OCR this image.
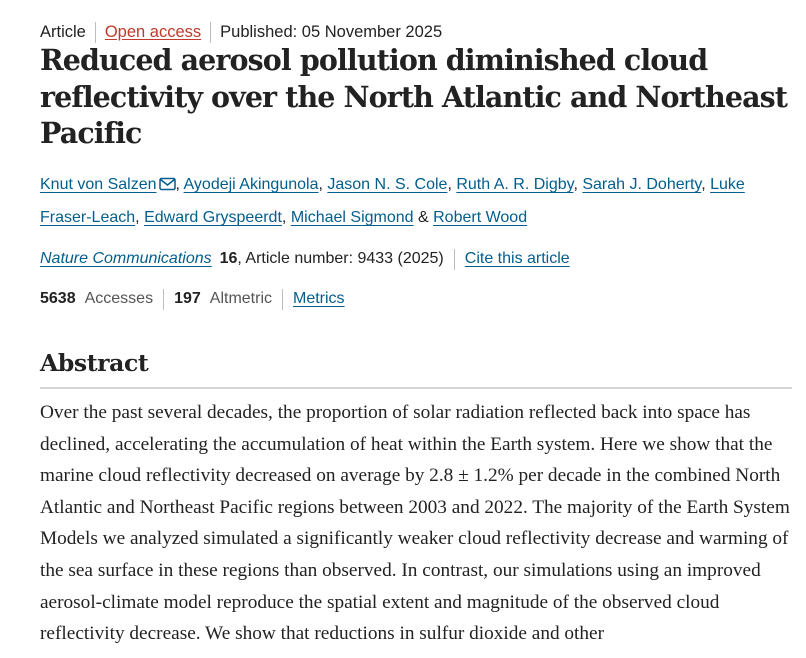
Article Open access Published: 05 November 2025
Reduced aerosol pollution diminished cloud reflectivity over the North Atlantic and Northeast Pacific
Knut von Salzen , Ayodeji Akingunola, Jason N. S. Cole, Ruth A. R. Digby, Sarah J. Doherty, Luke Fraser-Leach, Edward Gryspeerdt, Michael Sigmond & Robert Wood
Nature Communications 16 , Article number: 9433 (2025) Cite this article
5638 Accesses 197 Altmetric Metrics
Abstract

Over the past several decades, the proportion of solar radiation reflected back into space has declined, accelerating the accumulation of heat within the Earth system. Here we show that the marine cloud reflectivity decreased on average by 2.8 ± 1.2% per decade in the combined North Atlantic and Northeast Pacific regions between 2003 and 2022. The majority of the Earth System Models we analyzed simulated a significantly weaker cloud reflectivity decrease and warming of the sea surface in these regions than observed. In contrast, our simulations using an improved aerosol-climate model reproduce the spatial extent and magnitude of the observed cloud reflectivity decrease. We show that reductions in sulfur dioxide and other
